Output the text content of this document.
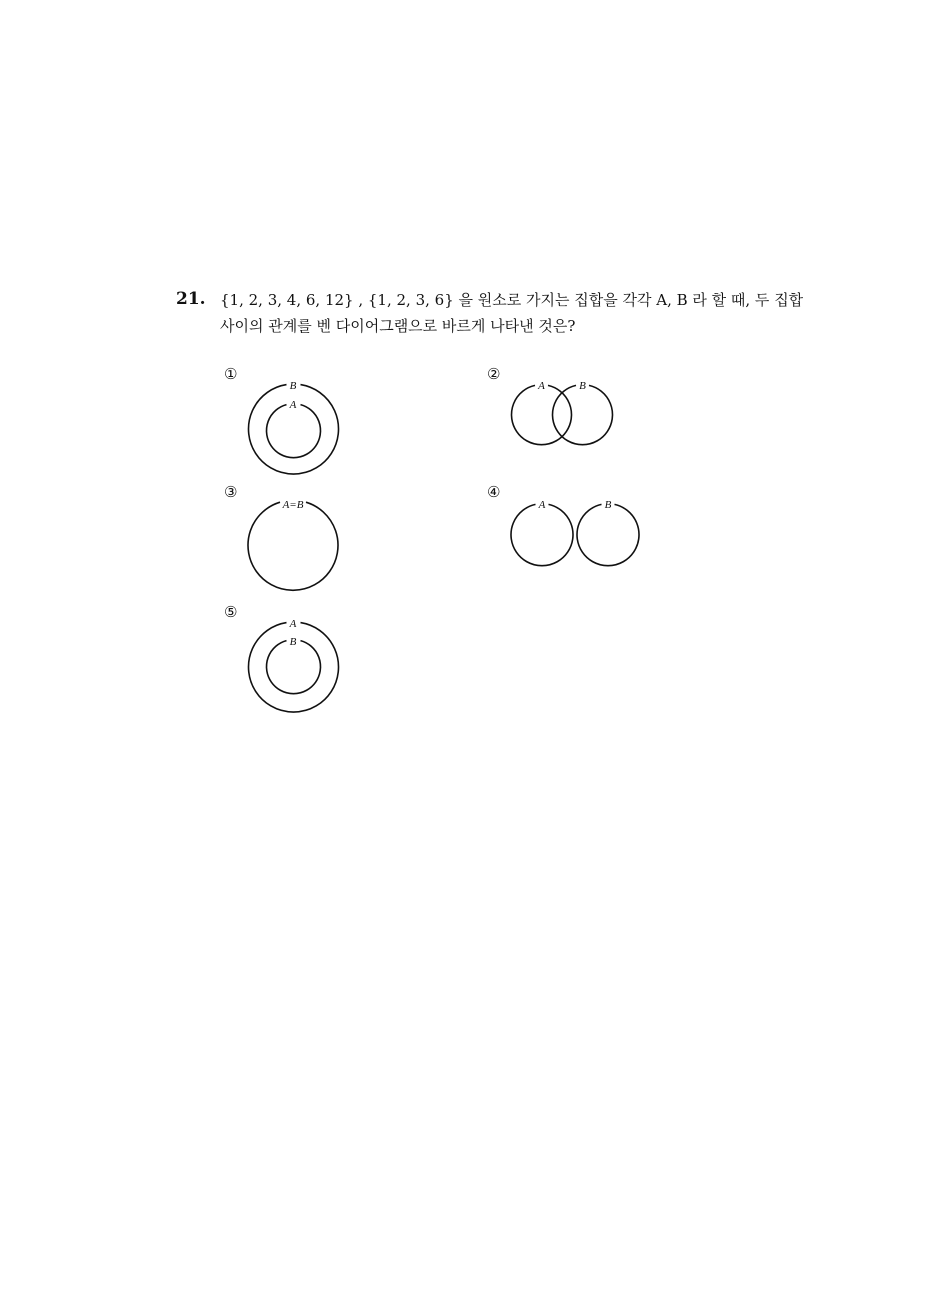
21. {1, 2, 3, 4, 6, 12} , {1, 2, 3, 6} 을 원소로 가지는 집합을 각각 A, B 라 할 때, 두 집합
사이의 관계를 벤 다이어그램으로 바르게 나타낸 것은?
①
B
A
②
A	B
③
A=B
④
A	B
⑤
A
B
